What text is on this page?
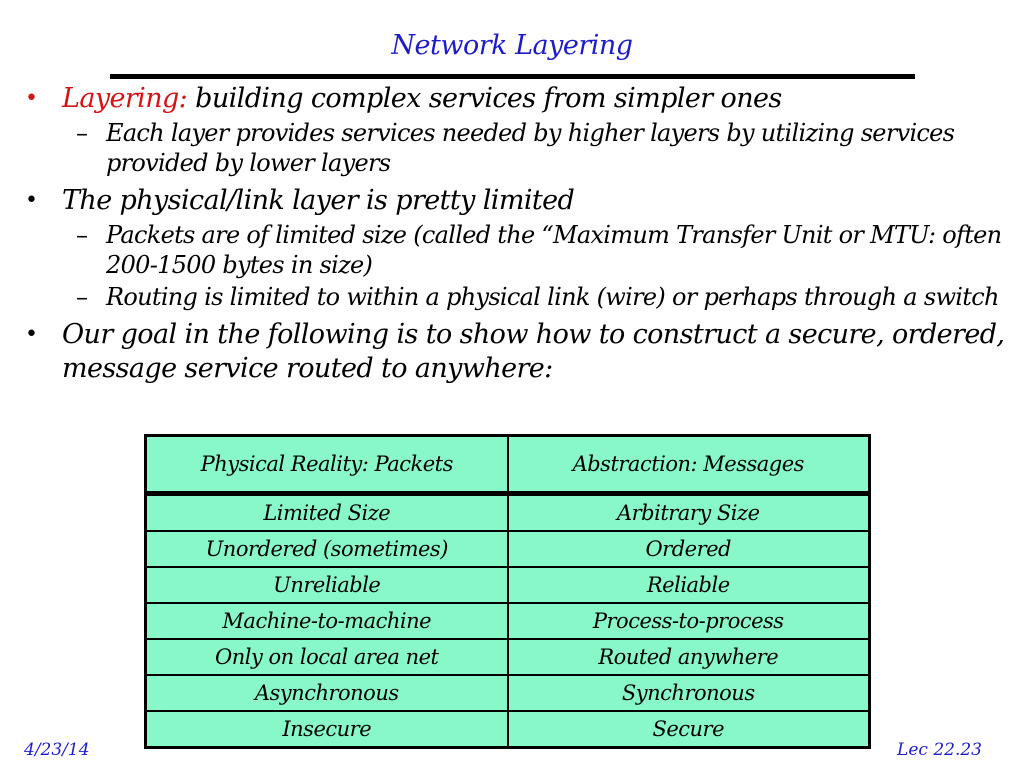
Network Layering
• Layering: building complex services from simpler ones
– Each layer provides services needed by higher layers by utilizing services provided by lower layers
• The physical/link layer is pretty limited
– Packets are of limited size (called the “Maximum Transfer Unit or MTU: often 200-1500 bytes in size)
– Routing is limited to within a physical link (wire) or perhaps through a switch
• Our goal in the following is to show how to construct a secure, ordered, message service routed to anywhere:
Physical Reality: Packets	Abstraction: Messages
Limited Size	Arbitrary Size
Unordered (sometimes)	Ordered
Unreliable	Reliable
Machine-to-machine	Process-to-process
Only on local area net	Routed anywhere
Asynchronous	Synchronous
Insecure	Secure
4/23/14	Lec 22.23
